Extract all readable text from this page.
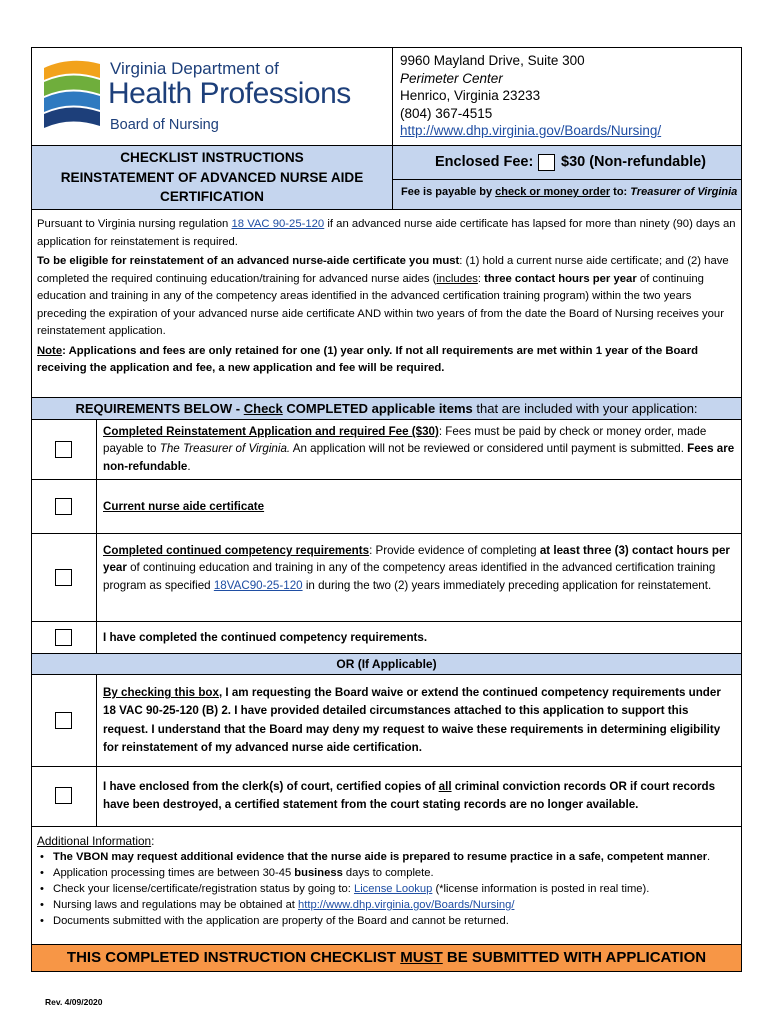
Virginia Department of
Health Professions
Board of Nursing
9960 Mayland Drive, Suite 300
Perimeter Center
Henrico, Virginia 23233
(804) 367-4515
http://www.dhp.virginia.gov/Boards/Nursing/
CHECKLIST INSTRUCTIONS
REINSTATEMENT OF ADVANCED NURSE AIDE
CERTIFICATION
Enclosed Fee: $30 (Non-refundable)
Fee is payable by check or money order to: Treasurer of Virginia
Pursuant to Virginia nursing regulation 18 VAC 90-25-120 if an advanced nurse aide certificate has lapsed for more than ninety (90) days an application for reinstatement is required.
To be eligible for reinstatement of an advanced nurse-aide certificate you must: (1) hold a current nurse aide certificate; and (2) have completed the required continuing education/training for advanced nurse aides (includes: three contact hours per year of continuing education and training in any of the competency areas identified in the advanced certification training program) within the two years preceding the expiration of your advanced nurse aide certificate AND within two years of from the date the Board of Nursing receives your reinstatement application.
Note: Applications and fees are only retained for one (1) year only. If not all requirements are met within 1 year of the Board receiving the application and fee, a new application and fee will be required.
REQUIREMENTS BELOW - Check COMPLETED applicable items that are included with your application:
Completed Reinstatement Application and required Fee ($30): Fees must be paid by check or money order, made payable to The Treasurer of Virginia. An application will not be reviewed or considered until payment is submitted. Fees are non-refundable.
Current nurse aide certificate
Completed continued competency requirements: Provide evidence of completing at least three (3) contact hours per year of continuing education and training in any of the competency areas identified in the advanced certification training program as specified 18VAC90-25-120 in during the two (2) years immediately preceding application for reinstatement.
I have completed the continued competency requirements.
OR (If Applicable)
By checking this box, I am requesting the Board waive or extend the continued competency requirements under 18 VAC 90-25-120 (B) 2. I have provided detailed circumstances attached to this application to support this request. I understand that the Board may deny my request to waive these requirements in determining eligibility for reinstatement of my advanced nurse aide certification.
I have enclosed from the clerk(s) of court, certified copies of all criminal conviction records OR if court records have been destroyed, a certified statement from the court stating records are no longer available.
Additional Information:
• The VBON may request additional evidence that the nurse aide is prepared to resume practice in a safe, competent manner.
• Application processing times are between 30-45 business days to complete.
• Check your license/certificate/registration status by going to: License Lookup (*license information is posted in real time).
• Nursing laws and regulations may be obtained at http://www.dhp.virginia.gov/Boards/Nursing/
• Documents submitted with the application are property of the Board and cannot be returned.
THIS COMPLETED INSTRUCTION CHECKLIST MUST BE SUBMITTED WITH APPLICATION
Rev. 4/09/2020
